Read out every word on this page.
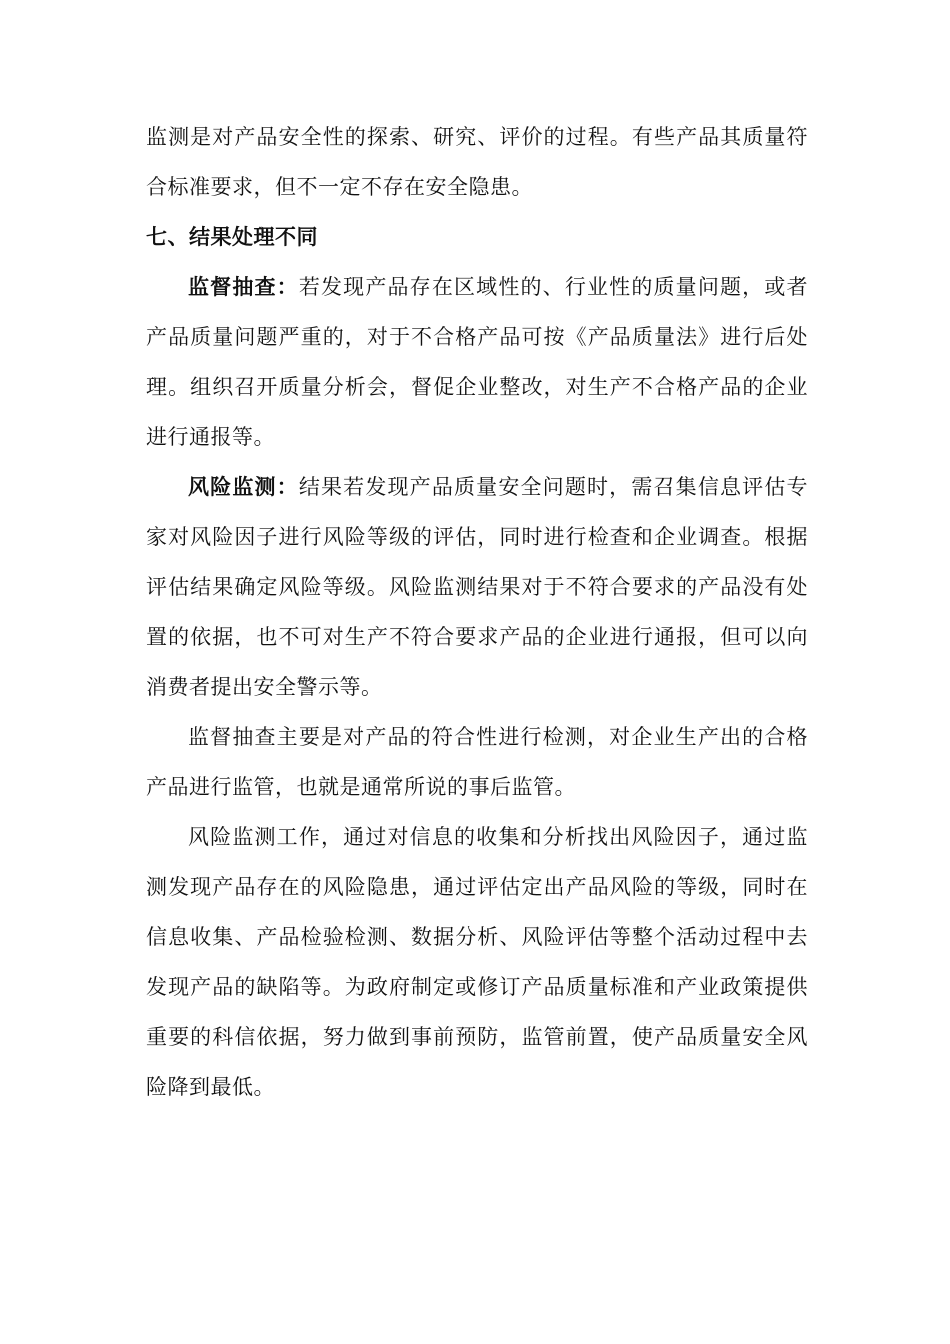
监测是对产品安全性的探索、研究、评价的过程。有些产品其质量符合标准要求，但不一定不存在安全隐患。

七、结果处理不同

监督抽查：若发现产品存在区域性的、行业性的质量问题，或者产品质量问题严重的，对于不合格产品可按《产品质量法》进行后处理。组织召开质量分析会，督促企业整改，对生产不合格产品的企业进行通报等。

风险监测：结果若发现产品质量安全问题时，需召集信息评估专家对风险因子进行风险等级的评估，同时进行检查和企业调查。根据评估结果确定风险等级。风险监测结果对于不符合要求的产品没有处置的依据，也不可对生产不符合要求产品的企业进行通报，但可以向消费者提出安全警示等。

监督抽查主要是对产品的符合性进行检测，对企业生产出的合格产品进行监管，也就是通常所说的事后监管。

风险监测工作，通过对信息的收集和分析找出风险因子，通过监测发现产品存在的风险隐患，通过评估定出产品风险的等级，同时在信息收集、产品检验检测、数据分析、风险评估等整个活动过程中去发现产品的缺陷等。为政府制定或修订产品质量标准和产业政策提供重要的科信依据，努力做到事前预防，监管前置，使产品质量安全风险降到最低。
